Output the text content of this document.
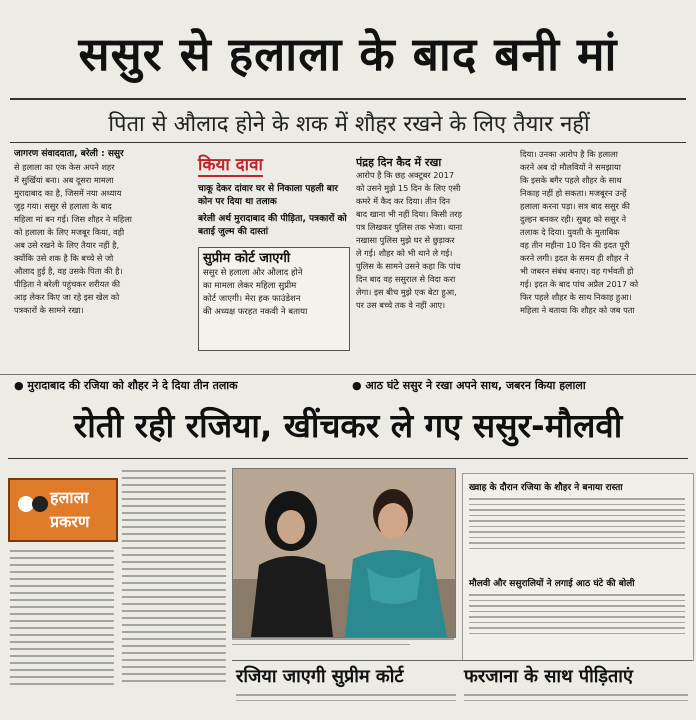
ससुर से हलाला के बाद बनी मां
पिता से औलाद होने के शक में शौहर रखने के लिए तैयार नहीं

जागरण संवाददाता, बरेली : ससुर

से हलाला का एक केस अपने शहर

में सुर्खियां बना। अब दूसरा मामला

मुरादाबाद का है, जिसमें नया अध्याय

जुड़ गया। ससुर से हलाला के बाद

महिला मां बन गई। जिस शौहर ने महिला

को हलाला के लिए मजबूर किया, वही

अब उसे रखने के लिए तैयार नहीं है,

क्योंकि उसे शक है कि बच्चे से जो

औलाद हुई है, वह उसके पिता की है।

पीड़िता ने बरेली पहुंचकर शरीयत की

आड़ लेकर किए जा रहे इस खेल को

पत्रकारों के सामने रखा।

किया दावा
चाकू देकर दांवार घर से निकाला पहली बार कोन पर दिया था तलाक
बरेली अर्थ मुरादाबाद की पीड़िता, पत्रकारों को बताई जुल्म की दास्तां
सुप्रीम कोर्ट जाएगी
ससुर से हलाला और औलाद होने
का मामला लेकर महिला सुप्रीम
कोर्ट जाएगी। मेरा हक फाउंडेशन
की अध्यक्ष फरहत नकवी ने बताया

पंद्रह दिन कैद में रखा

आरोप है कि छह अक्टूबर 2017

को उसने मुझे 15 दिन के लिए एसी

कमरे में कैद कर दिया। तीन दिन

बाद खाना भी नहीं दिया। किसी तरह

पत्र लिखकर पुलिस तक भेजा। थाना

नखासा पुलिस मुझे घर से छुड़ाकर

ले गई। शौहर को भी थाने ले गई।

पुलिस के सामने उसने कहा कि पांच

दिन बाद वह ससुराल से विदा करा

लेगा। इस बीच मुझे एक बेटा हुआ,

पर उस बच्चे तक वे नहीं आए।

दिया। उनका आरोप है कि हलाला

करने अब दो मौलवियों ने समझाया

कि इसके बगैर पहले शौहर के साथ

निकाह नहीं हो सकता। मजबूरन उन्हें

हलाला करना पड़ा। सत्र बाद ससुर की

दुल्हन बनकर रही। सुबह को ससुर ने

तलाक दे दिया। युवती के मुताबिक

वह तीन महीना 10 दिन की इदत पूरी

करने लगी। इदत के समय ही शौहर ने

भी जबरन संबंध बनाए। वह गर्भवती हो

गई। इदत के बाद पांच अप्रैल 2017 को

फिर पहले शौहर के साथ निकाह हुआ।

महिला ने बताया कि शौहर को जब पता

● मुरादाबाद की रजिया को शौहर ने दे दिया तीन तलाक	● आठ घंटे ससुर ने रखा अपने साथ, जबरन किया हलाला
रोती रही रजिया, खींचकर ले गए ससुर-मौलवी
हलाला
प्रकरण
ख्वाह के दौरान रजिया के शौहर ने बनाया रास्ता
मौलवी और ससुरालियों ने लगाई आठ घंटे की बोली
रजिया जाएगी सुप्रीम कोर्ट	फरजाना के साथ पीड़िताएं
